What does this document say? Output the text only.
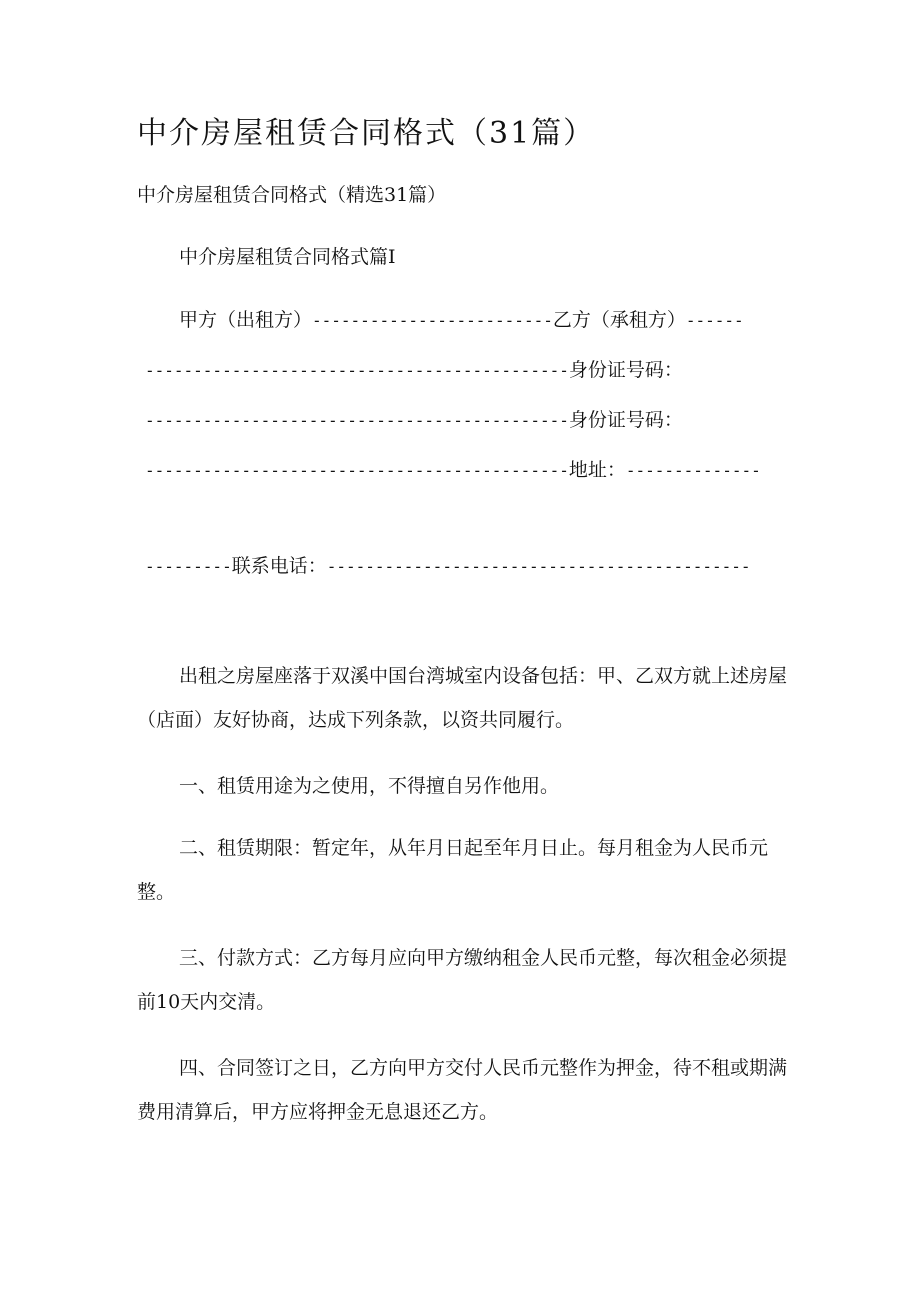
中介房屋租赁合同格式（31篇）

中介房屋租赁合同格式（精选31篇）

中介房屋租赁合同格式篇I

甲方（出租方）-------------------------乙方（承租方）------
--------------------------------------------身份证号码：
--------------------------------------------身份证号码：
--------------------------------------------地址：--------------
---------联系电话：--------------------------------------------

出租之房屋座落于双溪中国台湾城室内设备包括：甲、乙双方就上述房屋（店面）友好协商，达成下列条款，以资共同履行。

一、租赁用途为之使用，不得擅自另作他用。

二、租赁期限：暂定年，从年月日起至年月日止。每月租金为人民币元整。

三、付款方式：乙方每月应向甲方缴纳租金人民币元整，每次租金必须提前10天内交清。

四、合同签订之日，乙方向甲方交付人民币元整作为押金，待不租或期满费用清算后，甲方应将押金无息退还乙方。
